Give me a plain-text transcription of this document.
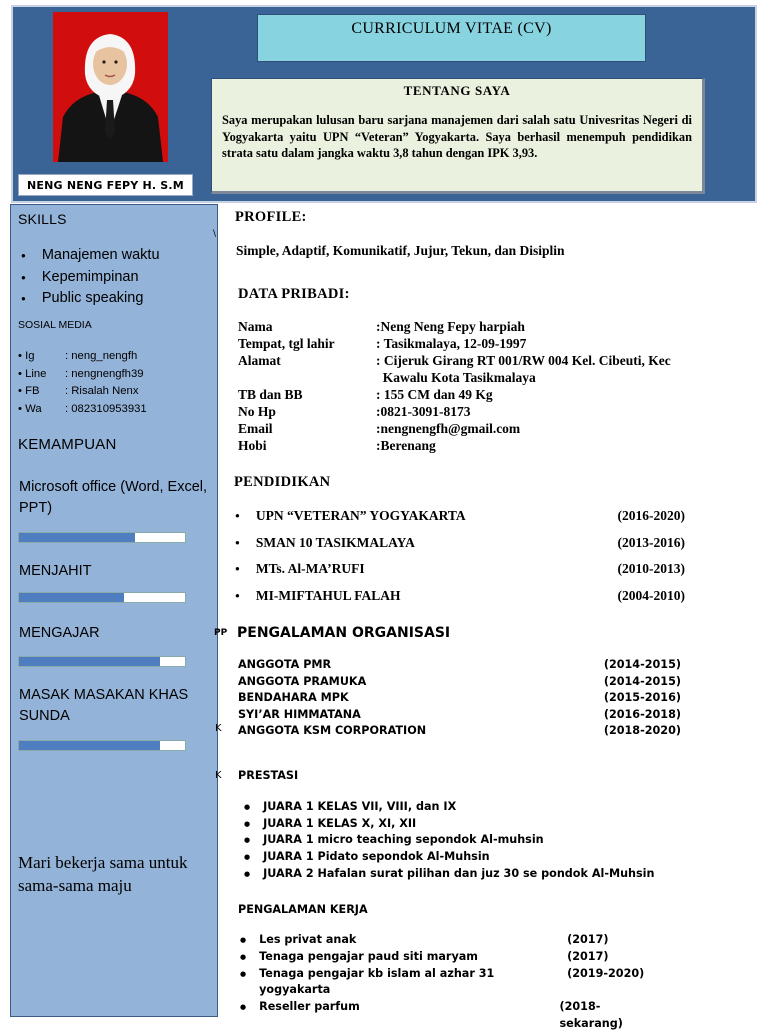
NENG NENG FEPY H. S.M
CURRICULUM VITAE (CV)
TENTANG SAYA

Saya merupakan lulusan baru sarjana manajemen dari salah satu Univesritas Negeri di Yogyakarta yaitu UPN “Veteran” Yogyakarta. Saya berhasil menempuh pendidikan strata satu dalam jangka waktu 3,8 tahun dengan IPK 3,93.

SKILLS
● Manajemen waktu
● Kepemimpinan
● Public speaking
SOSIAL MEDIA
• Ig	: neng_nengfh
• Line	: nengnengfh39
• FB	: Risalah Nenx
• Wa	: 082310953931
KEMAMPUAN
Microsoft office (Word, Excel, PPT)
MENJAHIT
MENGAJAR
MASAK MASAKAN KHAS SUNDA
Mari bekerja sama untuk sama-sama maju
PROFILE:
Simple, Adaptif, Komunikatif, Jujur, Tekun, dan Disiplin
DATA PRIBADI:
Nama	:Neng Neng Fepy harpiah
Tempat, tgl lahir	: Tasikmalaya, 12-09-1997
Alamat	: Cijeruk Girang RT 001/RW 004 Kel. Cibeuti, Kec
Kawalu Kota Tasikmalaya
TB dan BB	: 155 CM dan 49 Kg
No Hp	:0821-3091-8173
Email	:nengnengfh@gmail.com
Hobi	:Berenang
PENDIDIKAN
● UPN “VETERAN” YOGYAKARTA	(2016-2020)
● SMAN 10 TASIKMALAYA	(2013-2016)
● MTs. Al-MA’RUFI	(2010-2013)
● MI-MIFTAHUL FALAH	(2004-2010)
PENGALAMAN ORGANISASI
ANGGOTA PMR	(2014-2015)
ANGGOTA PRAMUKA	(2014-2015)
BENDAHARA MPK	(2015-2016)
SYI’AR HIMMATANA	(2016-2018)
ANGGOTA KSM CORPORATION	(2018-2020)
PRESTASI
● JUARA 1 KELAS VII, VIII, dan IX
● JUARA 1 KELAS X, XI, XII
● JUARA 1 micro teaching sepondok Al-muhsin
● JUARA 1 Pidato sepondok Al-Muhsin
● JUARA 2 Hafalan surat pilihan dan juz 30 se pondok Al-Muhsin
PENGALAMAN KERJA
● Les privat anak	(2017)
● Tenaga pengajar paud siti maryam	(2017)
● Tenaga pengajar kb islam al azhar 31 yogyakarta
(2019-2020)
● Reseller parfum	(2018- sekarang)
\
PP
K
K
